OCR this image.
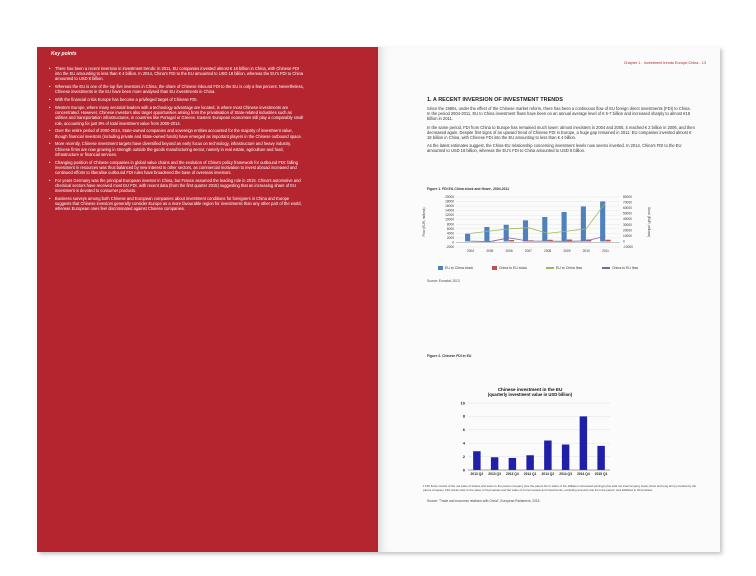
Key points
• There has been a recent inversion in investment trends: in 2011, EU companies invested almost € 18 billion in China, with Chinese FDI into the EU amounting to less than € 4 billion. In 2014, China's FDI to the EU amounted to USD 18 billion, whereas the EU's FDI to China amounted to USD 8 billion.
• Whereas the EU is one of the top five investors in China, the share of Chinese inbound FDI to the EU is only a few percent. Nevertheless, Chinese investments in the EU have been more analysed than EU investments in China.
• With the financial crisis Europe has become a privileged target of Chinese FDI.
• Western Europe, where many sectorial leaders with a technology advantage are located, is where most Chinese investments are concentrated. However, Chinese investors also target opportunities arising from the privatisation of State-related industries such as utilities and transportation infrastructures, in countries like Portugal or Greece. Eastern European economies still play a comparably small role, accounting for just 8% of total investment value from 2000-2014.
• Over the entire period of 2000-2014, State-owned companies and sovereign entities accounted for the majority of investment value, though financial investors (including private and State-owned funds) have emerged as important players in the Chinese outbound space.
• More recently, Chinese investment targets have diversified beyond an early focus on technology, infrastructure and heavy industry. Chinese firms are now growing in strength outside the goods manufacturing sector, namely in real estate, agriculture and food, infrastructure or financial services.
• Changing position of Chinese companies in global value chains and the evolution of China's policy framework for outbound FDI: falling investment in resources was thus balanced by new interest in other sectors, as commercial motivation to invest abroad increased and continued efforts to liberalise outbound FDI rules have broadened the base of overseas investors.
• For years Germany was the principal European investor in China, but France assumed the leading role in 2015. China's automotive and chemical sectors have received most EU FDI, with recent data (from the first quarter 2015) suggesting that an increasing share of EU investment is devoted to consumer products.
• Business surveys among both Chinese and European companies about investment conditions for foreigners in China and Europe suggests that Chinese investors generally consider Europe as a more favourable region for investments than any other part of the world, whereas European ones feel discriminated against Chinese companies.
Chapter 1 - Investment trends Europe-China - 13
1. A RECENT INVERSION OF INVESTMENT TRENDS
Since the 1980s, under the effect of the Chinese market reform, there has been a continuous flow of EU foreign direct investments (FDI) to China. In the period 2004-2011, EU to China investment flows have been on an annual average level of € 6-7 billion and increased sharply to almost €18 billion in 2011.
In the same period, FDI from China to Europe has remained much lower: almost inexistent in 2004 and 2005, it reached € 2 billion in 2006, and then decreased again. Despite first signs of an upward trend of Chinese FDI in Europe, a huge gap remained in 2011: EU companies invested almost € 18 billion in China, with Chinese FDI into the EU amounting to less than € 4 billion.
As the latest estimates suggest, the China-EU relationship concerning investment levels now seems inverted. In 2014, China's FDI to the EU amounted to USD 18 billion, whereas the EU's FDI to China amounted to USD 8 billion.
Figure 1. FDI EU-China stock and flows¹, 2004-2011
-2000
0
2000
4000
6000
8000
10000
12000
14000
16000
18000
20000
-10000
0
10000
20000
30000
40000
50000
60000
70000
80000
2004	2005	2006	2007	2008	2009	2010	2011
Flow (EUR, millions)	Stock (EUR, millions)
EU to China stock	China to EU stock	EU to China flow	China to EU flow
Source: Eurostat, 2013
Figure 2. Chinese FDI in EU
Chinese investment in the EU
(quarterly investment value in USD billion)
0
2
4
6
8
10
2013 Q2 2013 Q3 2013 Q4 2014 Q1 2014 Q2 2014 Q3 2014 Q4 2015 Q1
Source: "Trade and economic relations with China", European Parliament, 2015.
1 FDI flows consist of the net sales of shares and loans to the parent company plus the parent firm's share of the affiliate's reinvested earnings plus total net intercompany loans (short and long term) provided by the parent company. FDI stocks refer to the value of fixed assets and the value of current assets and investments, excluding amounts due from the parent, less liabilities to third parties.
